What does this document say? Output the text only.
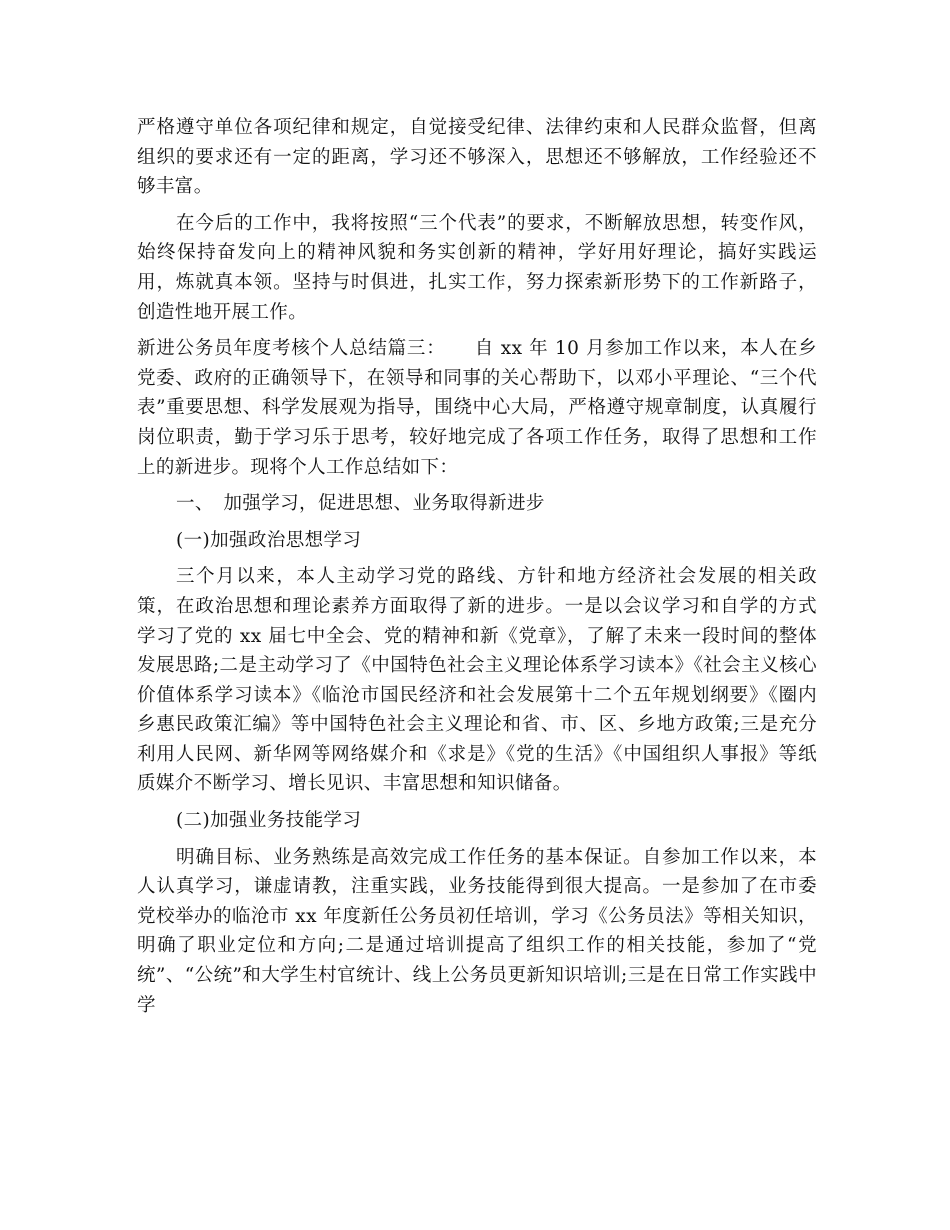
严格遵守单位各项纪律和规定，自觉接受纪律、法律约束和人民群众监督，但离组织的要求还有一定的距离，学习还不够深入，思想还不够解放，工作经验还不够丰富。

在今后的工作中，我将按照“三个代表”的要求，不断解放思想，转变作风，始终保持奋发向上的精神风貌和务实创新的精神，学好用好理论，搞好实践运用，炼就真本领。坚持与时俱进，扎实工作，努力探索新形势下的工作新路子，创造性地开展工作。

新进公务员年度考核个人总结篇三：　　自 xx 年 10 月参加工作以来，本人在乡党委、政府的正确领导下，在领导和同事的关心帮助下，以邓小平理论、“三个代表”重要思想、科学发展观为指导，围绕中心大局，严格遵守规章制度，认真履行岗位职责，勤于学习乐于思考，较好地完成了各项工作任务，取得了思想和工作上的新进步。现将个人工作总结如下：

一、　加强学习，促进思想、业务取得新进步

(一)加强政治思想学习

三个月以来，本人主动学习党的路线、方针和地方经济社会发展的相关政策，在政治思想和理论素养方面取得了新的进步。一是以会议学习和自学的方式学习了党的 xx 届七中全会、党的精神和新《党章》，了解了未来一段时间的整体发展思路;二是主动学习了《中国特色社会主义理论体系学习读本》《社会主义核心价值体系学习读本》《临沧市国民经济和社会发展第十二个五年规划纲要》《圈内乡惠民政策汇编》等中国特色社会主义理论和省、市、区、乡地方政策;三是充分利用人民网、新华网等网络媒介和《求是》《党的生活》《中国组织人事报》等纸质媒介不断学习、增长见识、丰富思想和知识储备。

(二)加强业务技能学习

明确目标、业务熟练是高效完成工作任务的基本保证。自参加工作以来，本人认真学习，谦虚请教，注重实践，业务技能得到很大提高。一是参加了在市委党校举办的临沧市 xx 年度新任公务员初任培训，学习《公务员法》等相关知识，明确了职业定位和方向;二是通过培训提高了组织工作的相关技能，参加了“党统”、“公统”和大学生村官统计、线上公务员更新知识培训;三是在日常工作实践中学
